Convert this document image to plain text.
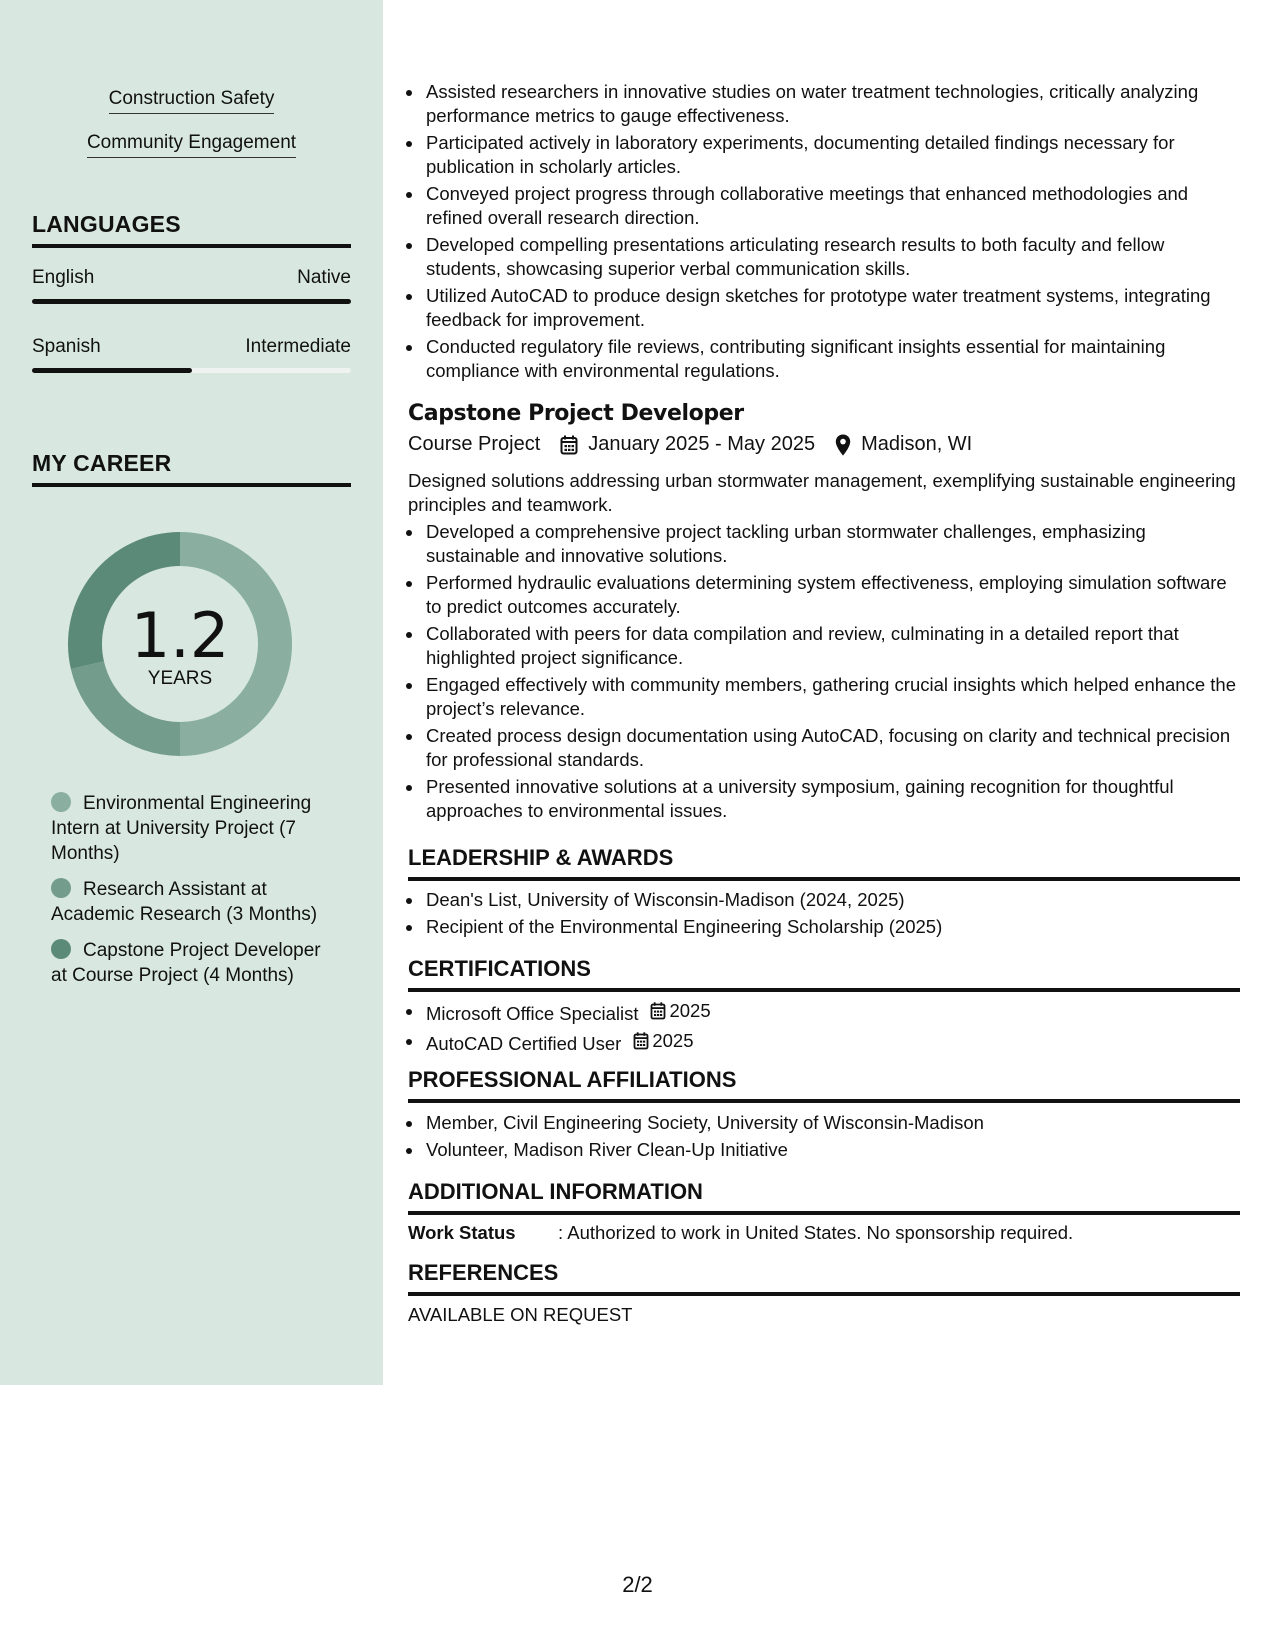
Construction Safety
Community Engagement
LANGUAGES
English	Native
Spanish	Intermediate
MY CAREER
1.2
YEARS
Environmental Engineering Intern at University Project (7 Months)
Research Assistant at Academic Research (3 Months)
Capstone Project Developer at Course Project (4 Months)
Assisted researchers in innovative studies on water treatment technologies, critically analyzing performance metrics to gauge effectiveness.
Participated actively in laboratory experiments, documenting detailed findings necessary for publication in scholarly articles.
Conveyed project progress through collaborative meetings that enhanced methodologies and refined overall research direction.
Developed compelling presentations articulating research results to both faculty and fellow students, showcasing superior verbal communication skills.
Utilized AutoCAD to produce design sketches for prototype water treatment systems, integrating feedback for improvement.
Conducted regulatory file reviews, contributing significant insights essential for maintaining compliance with environmental regulations.
Capstone Project Developer
Course Project January 2025 - May 2025 Madison, WI
Designed solutions addressing urban stormwater management, exemplifying sustainable engineering principles and teamwork.
Developed a comprehensive project tackling urban stormwater challenges, emphasizing sustainable and innovative solutions.
Performed hydraulic evaluations determining system effectiveness, employing simulation software to predict outcomes accurately.
Collaborated with peers for data compilation and review, culminating in a detailed report that highlighted project significance.
Engaged effectively with community members, gathering crucial insights which helped enhance the project’s relevance.
Created process design documentation using AutoCAD, focusing on clarity and technical precision for professional standards.
Presented innovative solutions at a university symposium, gaining recognition for thoughtful approaches to environmental issues.
LEADERSHIP & AWARDS
Dean's List, University of Wisconsin-Madison (2024, 2025)
Recipient of the Environmental Engineering Scholarship (2025)
CERTIFICATIONS
Microsoft Office Specialist 2025
AutoCAD Certified User 2025
PROFESSIONAL AFFILIATIONS
Member, Civil Engineering Society, University of Wisconsin-Madison
Volunteer, Madison River Clean-Up Initiative
ADDITIONAL INFORMATION
Work Status : Authorized to work in United States. No sponsorship required.
REFERENCES
AVAILABLE ON REQUEST
2/2
